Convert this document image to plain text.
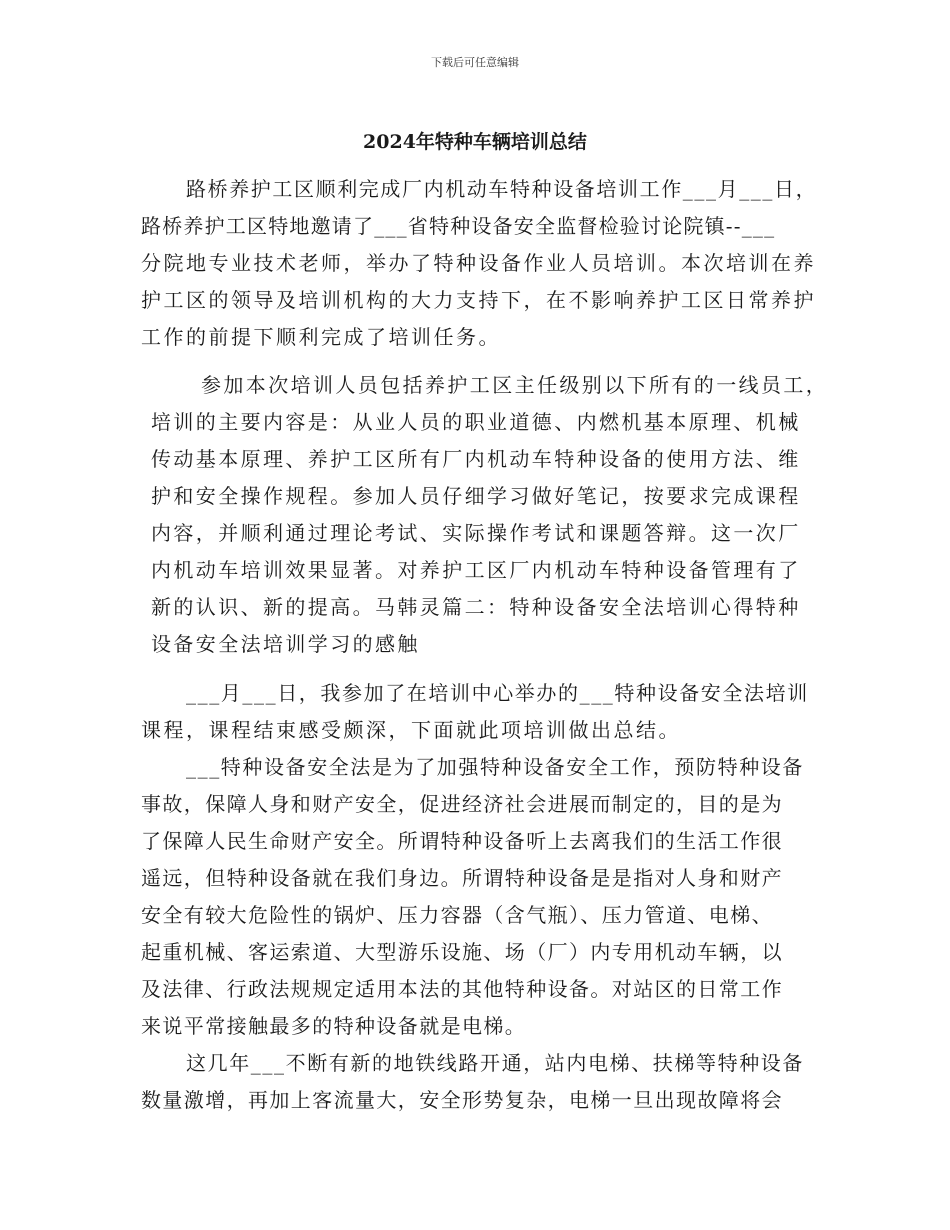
下载后可任意编辑
2024年特种车辆培训总结
路桥养护工区顺利完成厂内机动车特种设备培训工作___月___日，
路桥养护工区特地邀请了___省特种设备安全监督检验讨论院镇--___
分院地专业技术老师，举办了特种设备作业人员培训。本次培训在养
护工区的领导及培训机构的大力支持下，在不影响养护工区日常养护
工作的前提下顺利完成了培训任务。
参加本次培训人员包括养护工区主任级别以下所有的一线员工，
培训的主要内容是：从业人员的职业道德、内燃机基本原理、机械
传动基本原理、养护工区所有厂内机动车特种设备的使用方法、维
护和安全操作规程。参加人员仔细学习做好笔记，按要求完成课程
内容，并顺利通过理论考试、实际操作考试和课题答辩。这一次厂
内机动车培训效果显著。对养护工区厂内机动车特种设备管理有了
新的认识、新的提高。马韩灵篇二：特种设备安全法培训心得特种
设备安全法培训学习的感触
___月___日，我参加了在培训中心举办的___特种设备安全法培训
课程，课程结束感受颇深，下面就此项培训做出总结。
___特种设备安全法是为了加强特种设备安全工作，预防特种设备
事故，保障人身和财产安全，促进经济社会进展而制定的，目的是为
了保障人民生命财产安全。所谓特种设备听上去离我们的生活工作很
遥远，但特种设备就在我们身边。所谓特种设备是是指对人身和财产
安全有较大危险性的锅炉、压力容器（含气瓶）、压力管道、电梯、
起重机械、客运索道、大型游乐设施、场（厂）内专用机动车辆，以
及法律、行政法规规定适用本法的其他特种设备。对站区的日常工作
来说平常接触最多的特种设备就是电梯。
这几年___不断有新的地铁线路开通，站内电梯、扶梯等特种设备
数量激增，再加上客流量大，安全形势复杂，电梯一旦出现故障将会
